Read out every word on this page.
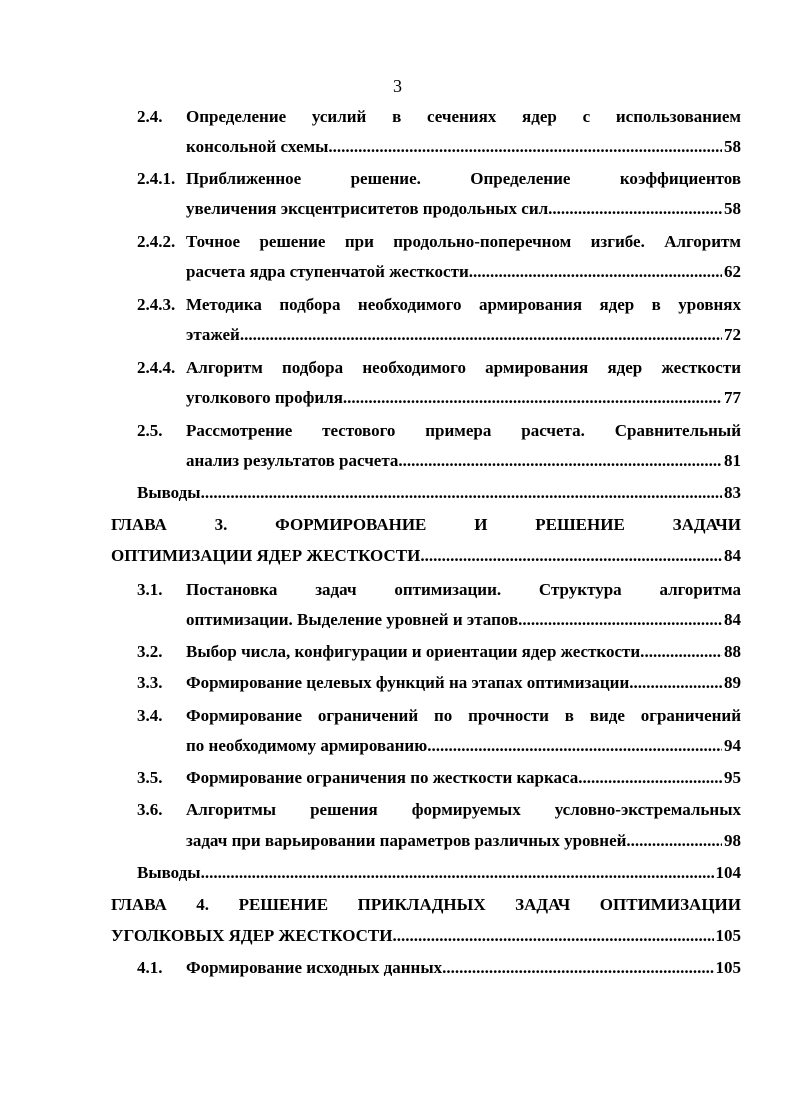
3
2.4. Определение усилий в сечениях ядер с использованием
консольной схемы .....	58
2.4.1. Приближенное решение. Определение коэффициентов
увеличения эксцентриситетов продольных сил. .....	58
2.4.2. Точное решение при продольно-поперечном изгибе. Алгоритм
расчета ядра ступенчатой жесткости. .....	62
2.4.3. Методика подбора необходимого армирования ядер в уровнях
этажей. .....	72
2.4.4. Алгоритм подбора необходимого армирования ядер жесткости
уголкового профиля. .....	77
2.5. Рассмотрение тестового примера расчета. Сравнительный
анализ результатов расчета. .....	81
Выводы .....	83
ГЛАВА 3. ФОРМИРОВАНИЕ И РЕШЕНИЕ ЗАДАЧИ
ОПТИМИЗАЦИИ ЯДЕР ЖЕСТКОСТИ. .....	84
3.1. Постановка задач оптимизации. Структура алгоритма
оптимизации. Выделение уровней и этапов. .....	84
3.2. Выбор числа, конфигурации и ориентации ядер жесткости. .....	88
3.3. Формирование целевых функций на этапах оптимизации. .....	89
3.4. Формирование ограничений по прочности в виде ограничений
по необходимому армированию. .....	94
3.5. Формирование ограничения по жесткости каркаса. .....	95
3.6. Алгоритмы решения формируемых условно-экстремальных
задач при варьировании параметров различных уровней. .....	98
Выводы .....	104
ГЛАВА 4. РЕШЕНИЕ ПРИКЛАДНЫХ ЗАДАЧ ОПТИМИЗАЦИИ
УГОЛКОВЫХ ЯДЕР ЖЕСТКОСТИ. .....	105
4.1. Формирование исходных данных. .....	105
